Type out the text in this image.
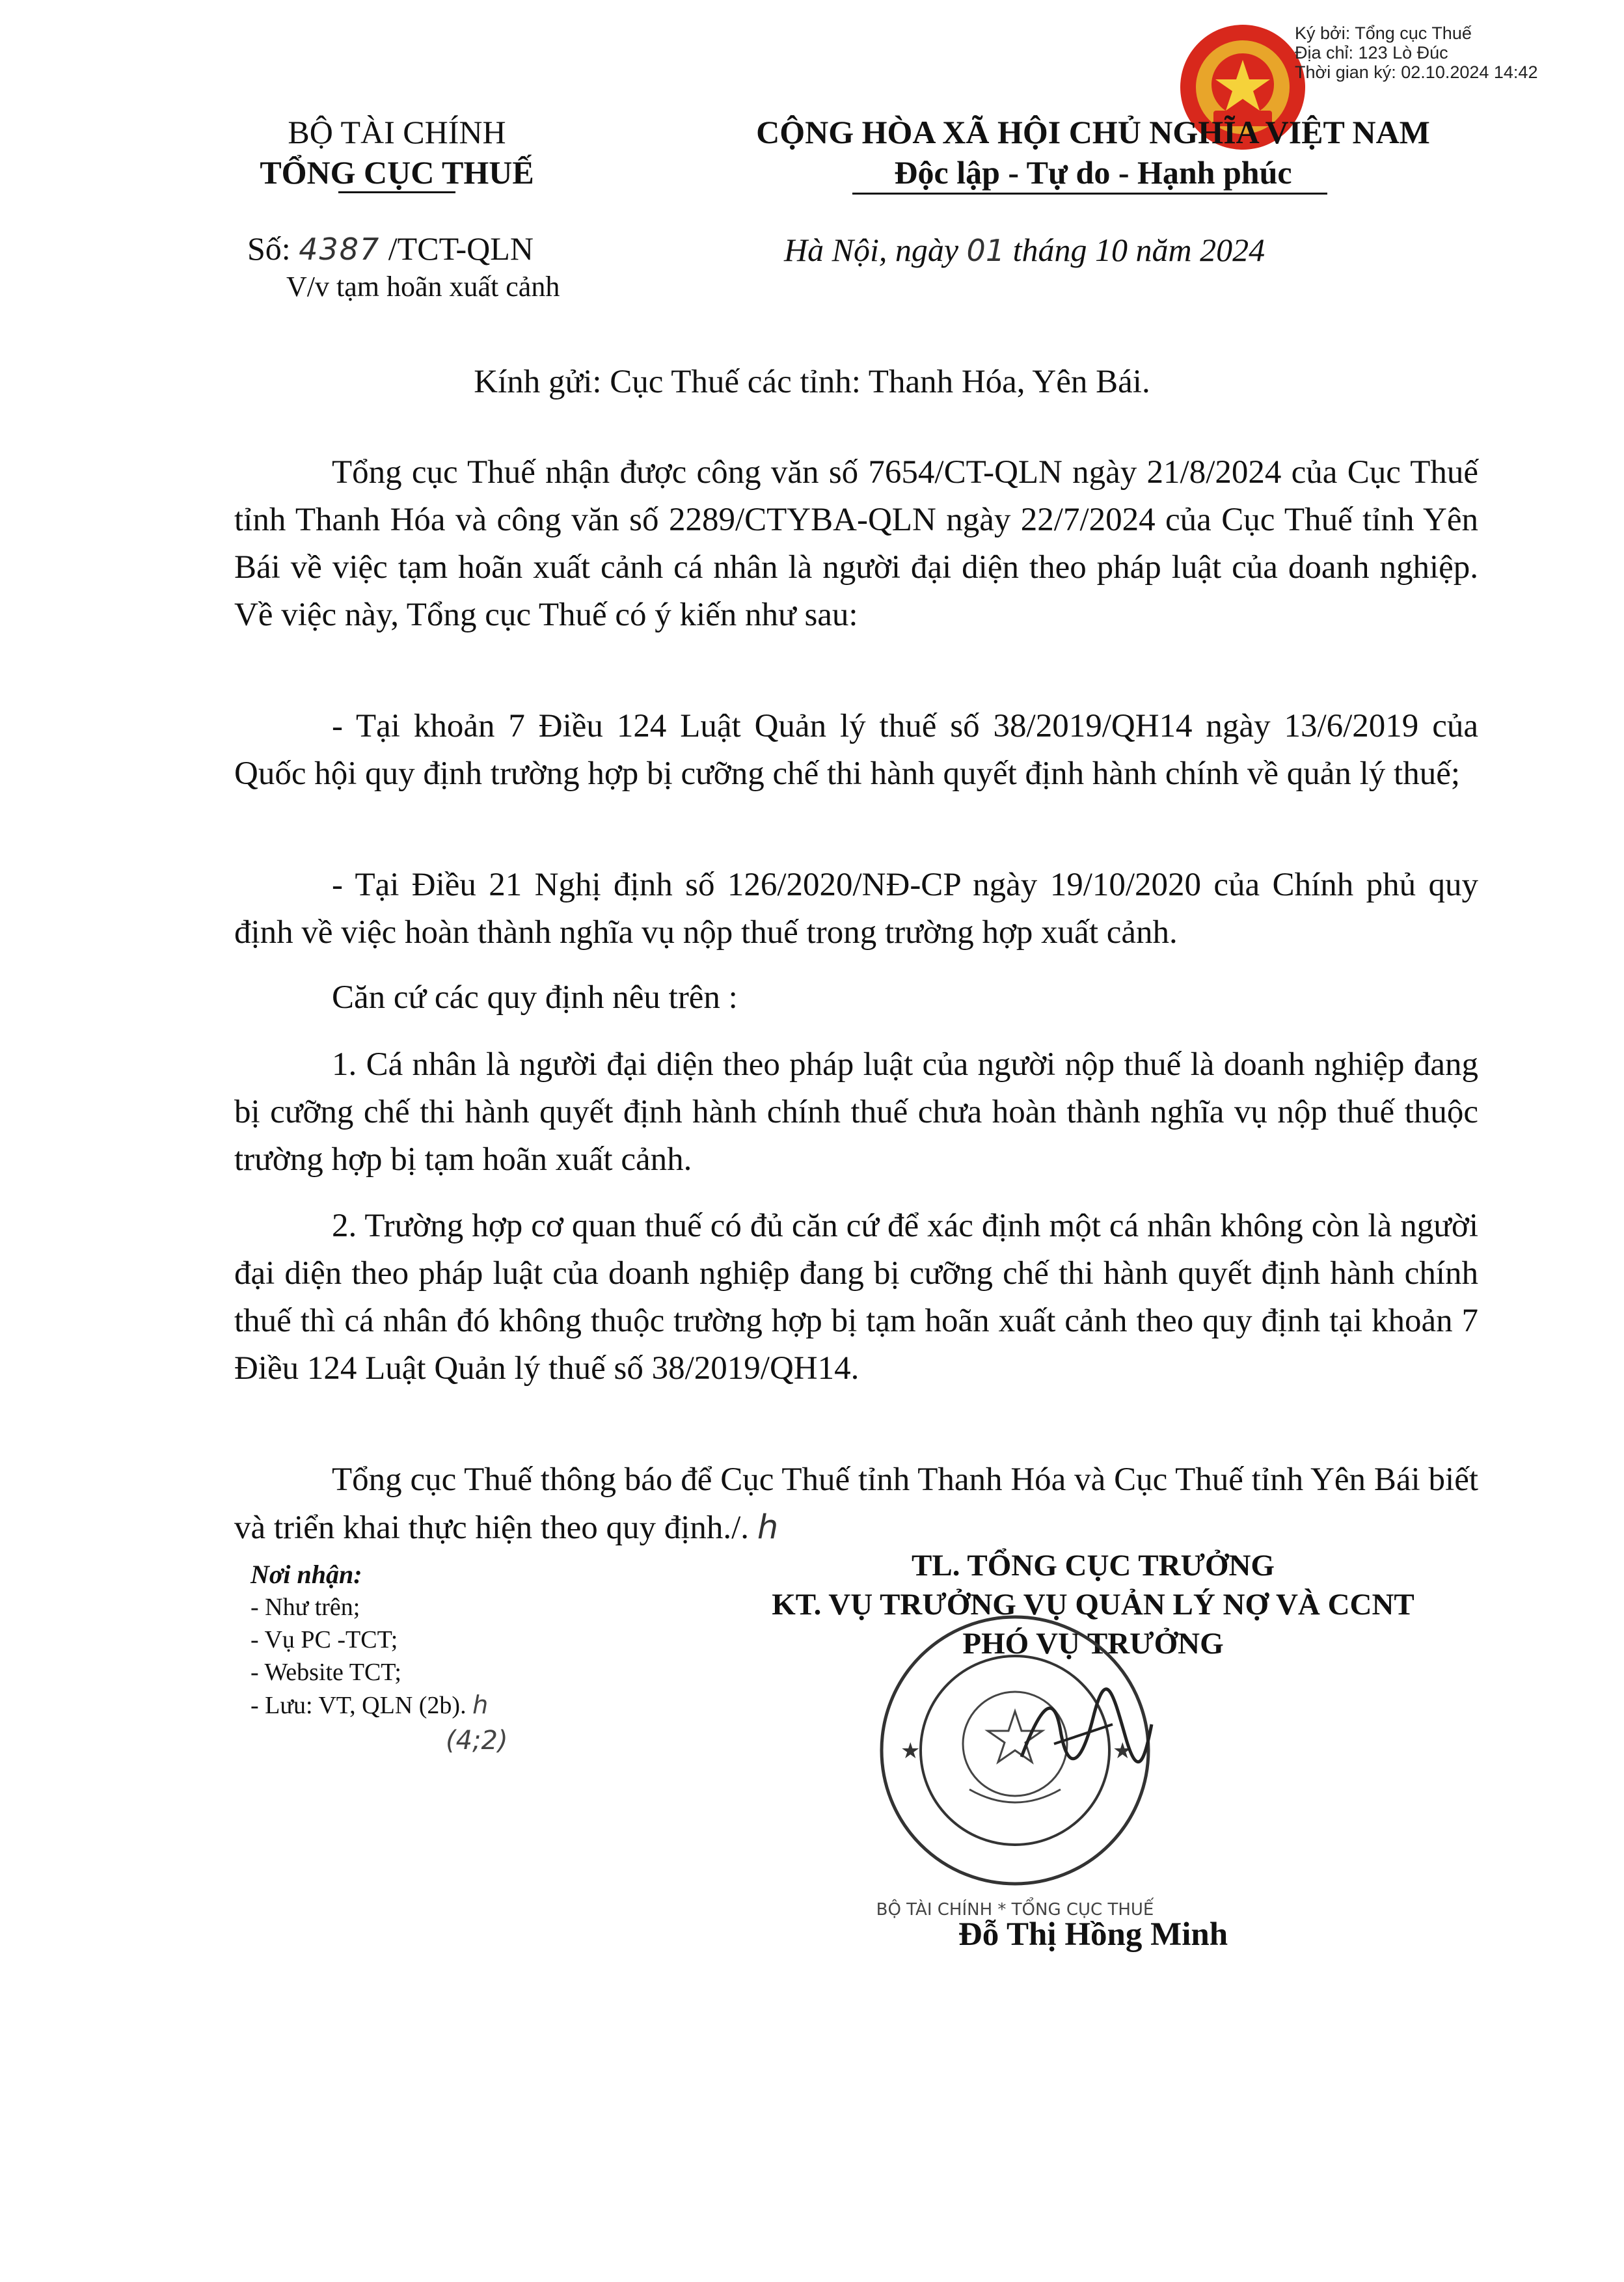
Ký bởi: Tổng cục Thuế
Địa chỉ: 123 Lò Đúc
Thời gian ký: 02.10.2024 14:42
BỘ TÀI CHÍNH
TỔNG CỤC THUẾ
CỘNG HÒA XÃ HỘI CHỦ NGHĨA VIỆT NAM
Độc lập - Tự do - Hạnh phúc
Số: 4387 /TCT-QLN
V/v tạm hoãn xuất cảnh
Hà Nội, ngày 01 tháng 10 năm 2024
Kính gửi: Cục Thuế các tỉnh: Thanh Hóa, Yên Bái.

Tổng cục Thuế nhận được công văn số 7654/CT-QLN ngày 21/8/2024 của Cục Thuế tỉnh Thanh Hóa và công văn số 2289/CTYBA-QLN ngày 22/7/2024 của Cục Thuế tỉnh Yên Bái về việc tạm hoãn xuất cảnh cá nhân là người đại diện theo pháp luật của doanh nghiệp. Về việc này, Tổng cục Thuế có ý kiến như sau:

- Tại khoản 7 Điều 124 Luật Quản lý thuế số 38/2019/QH14 ngày 13/6/2019 của Quốc hội quy định trường hợp bị cưỡng chế thi hành quyết định hành chính về quản lý thuế;

- Tại Điều 21 Nghị định số 126/2020/NĐ-CP ngày 19/10/2020 của Chính phủ quy định về việc hoàn thành nghĩa vụ nộp thuế trong trường hợp xuất cảnh.

Căn cứ các quy định nêu trên :

1. Cá nhân là người đại diện theo pháp luật của người nộp thuế là doanh nghiệp đang bị cưỡng chế thi hành quyết định hành chính thuế chưa hoàn thành nghĩa vụ nộp thuế thuộc trường hợp bị tạm hoãn xuất cảnh.

2. Trường hợp cơ quan thuế có đủ căn cứ để xác định một cá nhân không còn là người đại diện theo pháp luật của doanh nghiệp đang bị cưỡng chế thi hành quyết định hành chính thuế thì cá nhân đó không thuộc trường hợp bị tạm hoãn xuất cảnh theo quy định tại khoản 7 Điều 124 Luật Quản lý thuế số 38/2019/QH14.

Tổng cục Thuế thông báo để Cục Thuế tỉnh Thanh Hóa và Cục Thuế tỉnh Yên Bái biết và triển khai thực hiện theo quy định./. h

Nơi nhận:
- Như trên;
- Vụ PC -TCT;
- Website TCT;
- Lưu: VT, QLN (2b). h
(4;2)
TL. TỔNG CỤC TRƯỞNG
KT. VỤ TRƯỞNG VỤ QUẢN LÝ NỢ VÀ CCNT
PHÓ VỤ TRƯỞNG
★	★
BỘ TÀI CHÍNH * TỔNG CỤC THUẾ
Đỗ Thị Hồng Minh
